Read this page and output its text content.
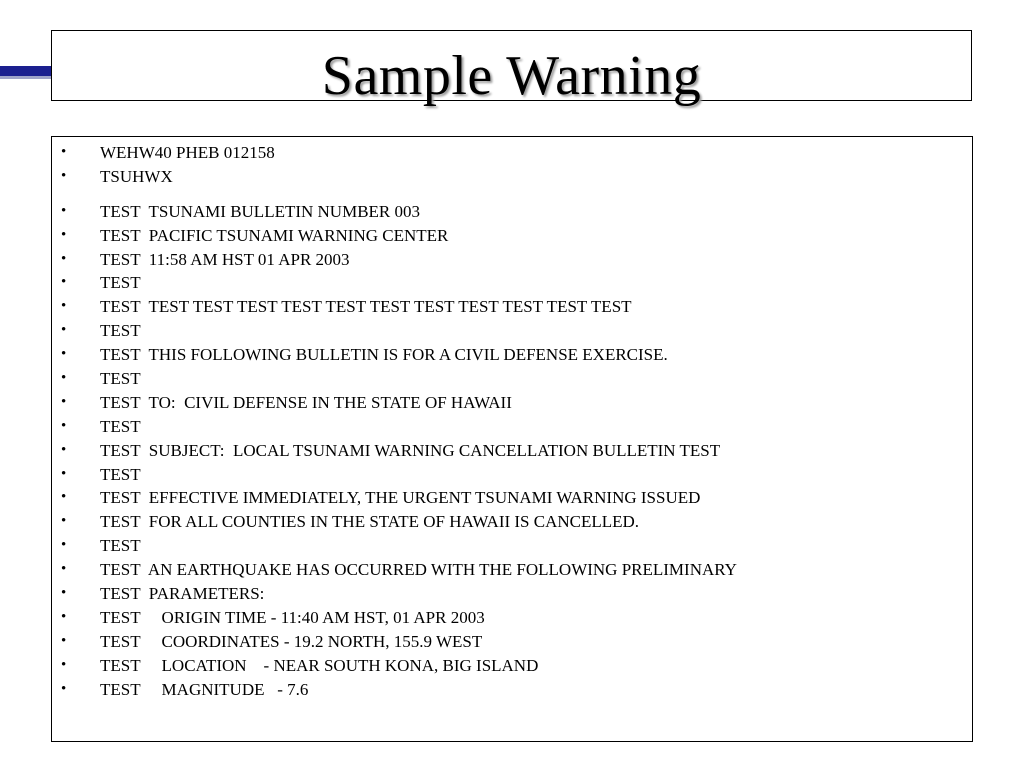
Sample Warning
• WEHW40 PHEB 012158
• TSUHWX
• TEST  TSUNAMI BULLETIN NUMBER 003
• TEST  PACIFIC TSUNAMI WARNING CENTER
• TEST  11:58 AM HST 01 APR 2003
• TEST
• TEST  TEST TEST TEST TEST TEST TEST TEST TEST TEST TEST TEST
• TEST
• TEST  THIS FOLLOWING BULLETIN IS FOR A CIVIL DEFENSE EXERCISE.
• TEST
• TEST  TO:  CIVIL DEFENSE IN THE STATE OF HAWAII
• TEST
• TEST  SUBJECT:  LOCAL TSUNAMI WARNING CANCELLATION BULLETIN TEST
• TEST
• TEST  EFFECTIVE IMMEDIATELY, THE URGENT TSUNAMI WARNING ISSUED
• TEST  FOR ALL COUNTIES IN THE STATE OF HAWAII IS CANCELLED.
• TEST
• TEST  AN EARTHQUAKE HAS OCCURRED WITH THE FOLLOWING PRELIMINARY
• TEST  PARAMETERS:
• TEST     ORIGIN TIME - 11:40 AM HST, 01 APR 2003
• TEST     COORDINATES - 19.2 NORTH, 155.9 WEST
• TEST     LOCATION    - NEAR SOUTH KONA, BIG ISLAND
• TEST     MAGNITUDE   - 7.6
